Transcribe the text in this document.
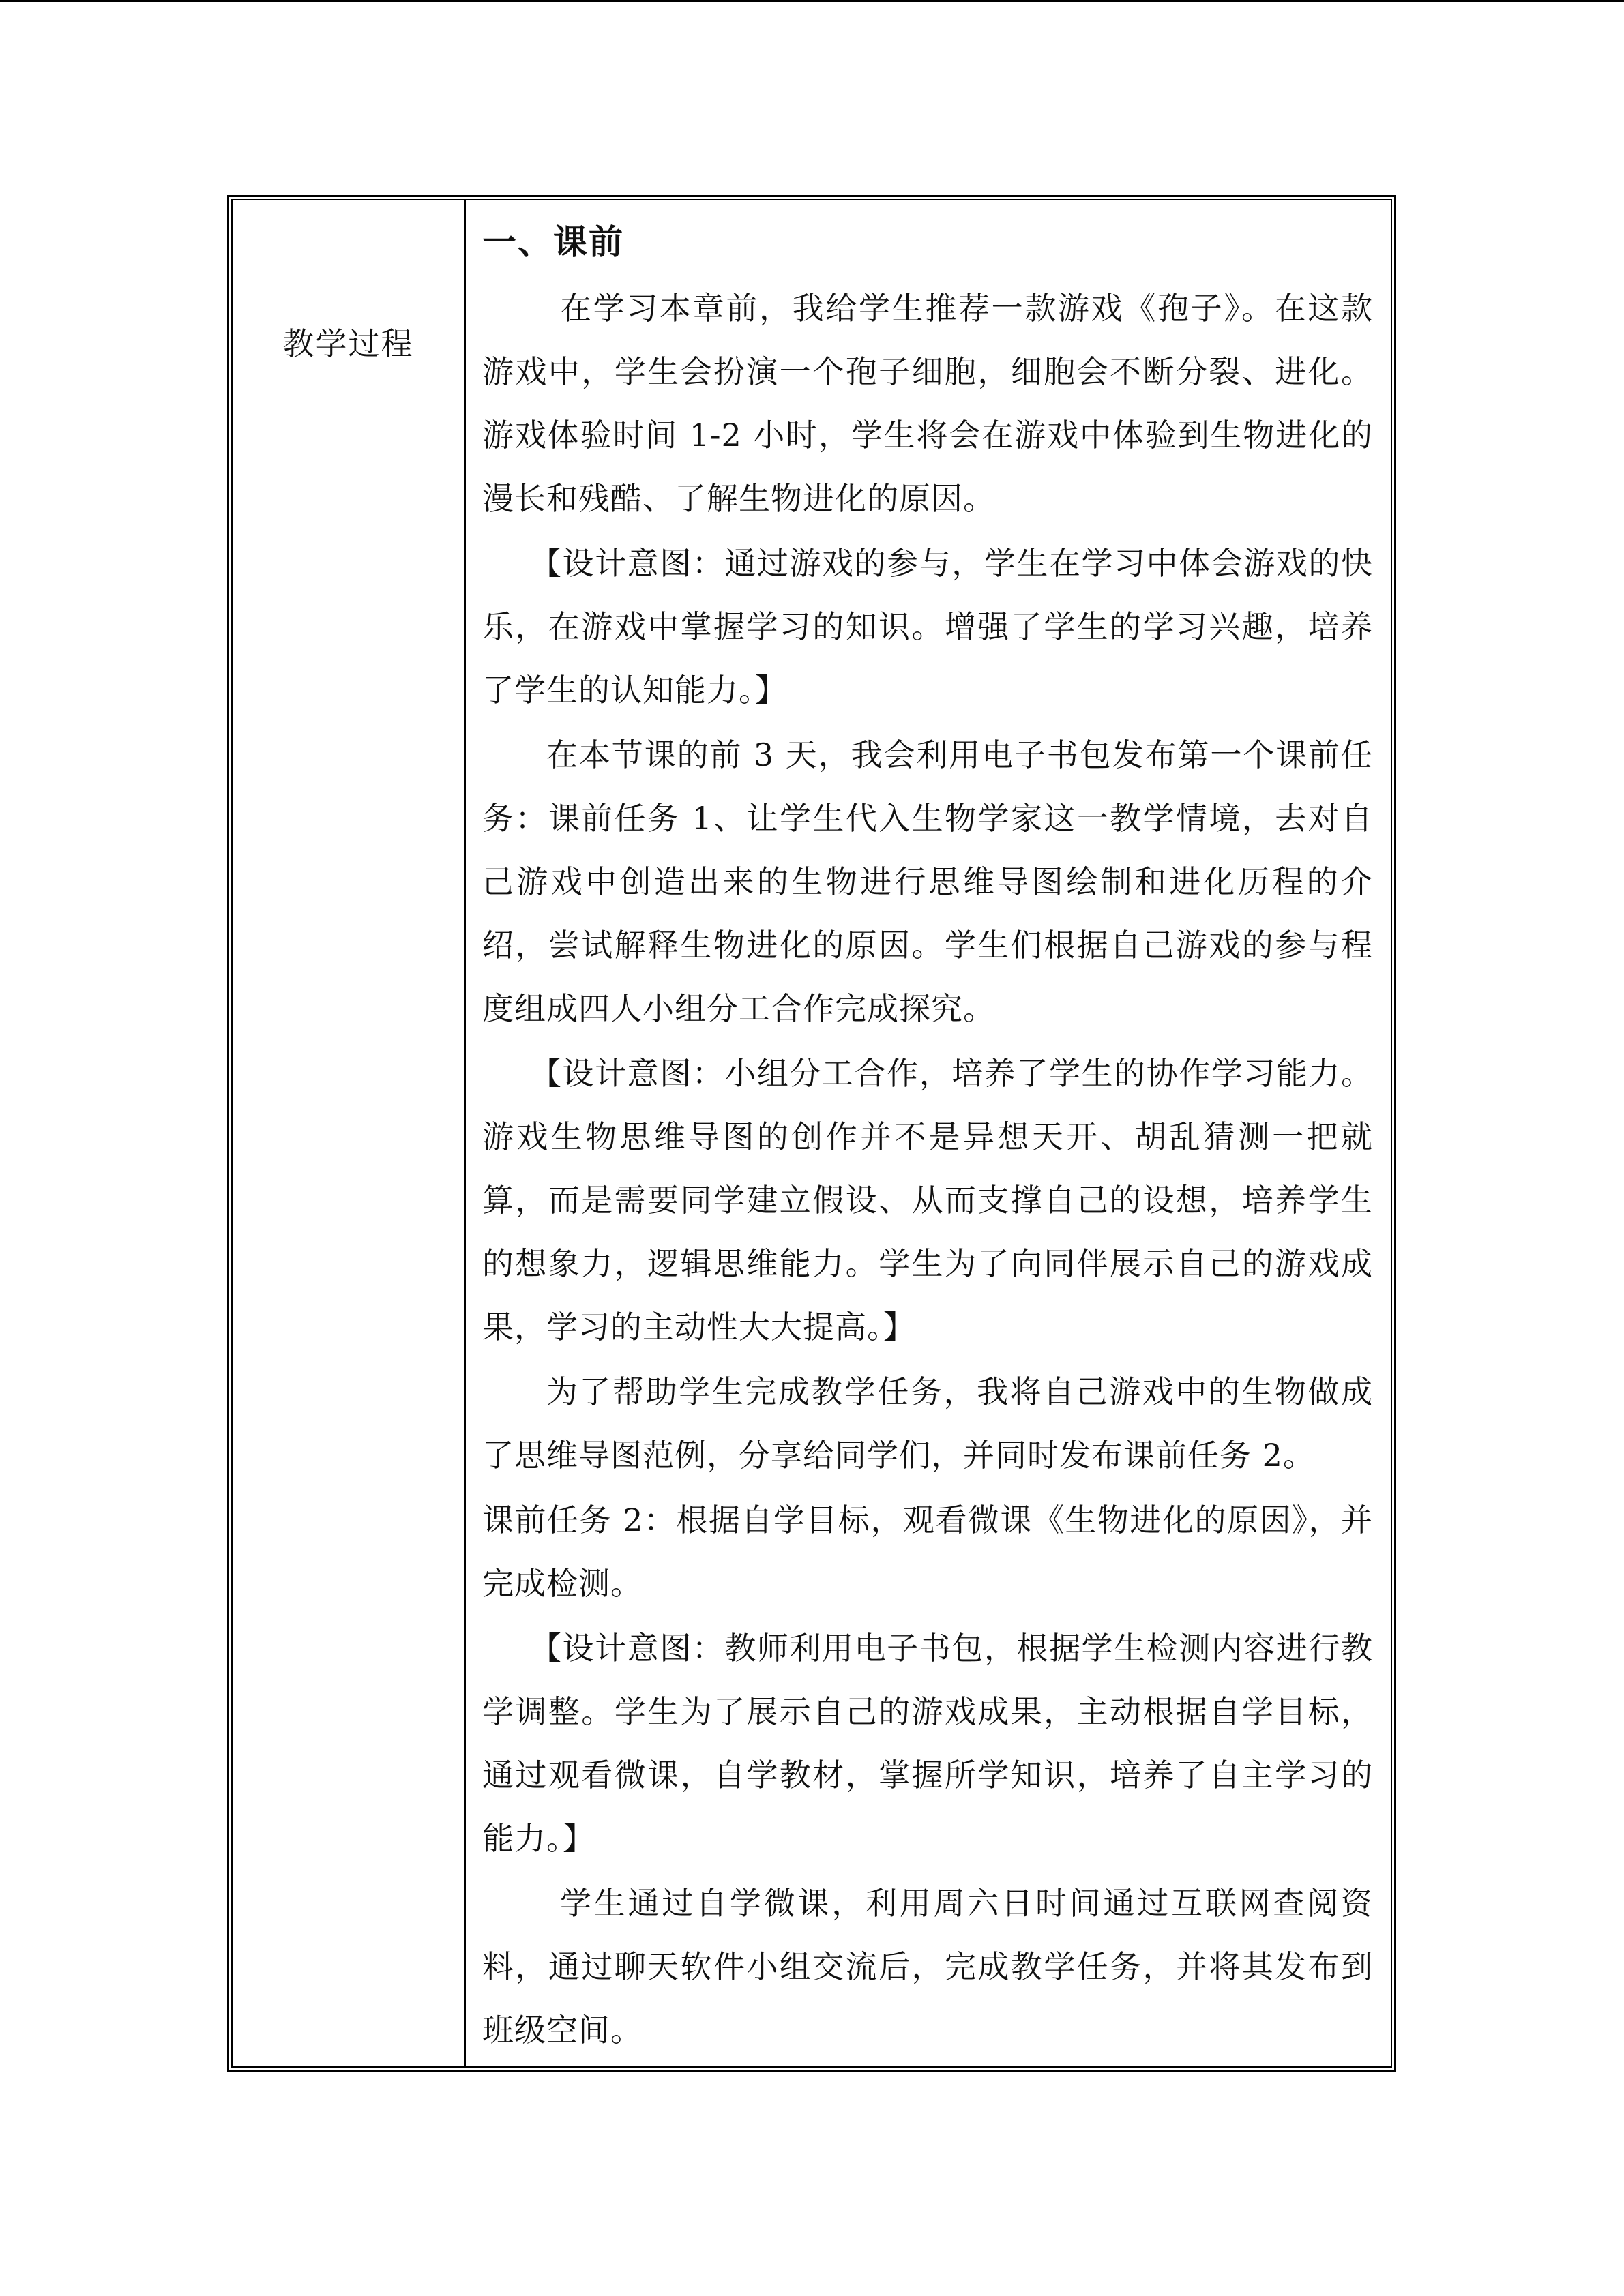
教学过程
一、课前

在学习本章前，我给学生推荐一款游戏《孢子》。在这款游戏中，学生会扮演一个孢子细胞，细胞会不断分裂、进化。游戏体验时间 1-2 小时，学生将会在游戏中体验到生物进化的漫长和残酷、了解生物进化的原因。

【设计意图：通过游戏的参与，学生在学习中体会游戏的快乐，在游戏中掌握学习的知识。增强了学生的学习兴趣，培养了学生的认知能力。】

在本节课的前 3 天，我会利用电子书包发布第一个课前任务：课前任务 1、让学生代入生物学家这一教学情境，去对自己游戏中创造出来的生物进行思维导图绘制和进化历程的介绍，尝试解释生物进化的原因。学生们根据自己游戏的参与程度组成四人小组分工合作完成探究。

【设计意图：小组分工合作，培养了学生的协作学习能力。游戏生物思维导图的创作并不是异想天开、胡乱猜测一把就算，而是需要同学建立假设、从而支撑自己的设想，培养学生的想象力，逻辑思维能力。学生为了向同伴展示自己的游戏成果，学习的主动性大大提高。】

为了帮助学生完成教学任务，我将自己游戏中的生物做成了思维导图范例，分享给同学们，并同时发布课前任务 2。

课前任务 2：根据自学目标，观看微课《生物进化的原因》，并完成检测。

【设计意图：教师利用电子书包，根据学生检测内容进行教学调整。学生为了展示自己的游戏成果，主动根据自学目标，通过观看微课，自学教材，掌握所学知识，培养了自主学习的能力。】

学生通过自学微课，利用周六日时间通过互联网查阅资料，通过聊天软件小组交流后，完成教学任务，并将其发布到班级空间。
